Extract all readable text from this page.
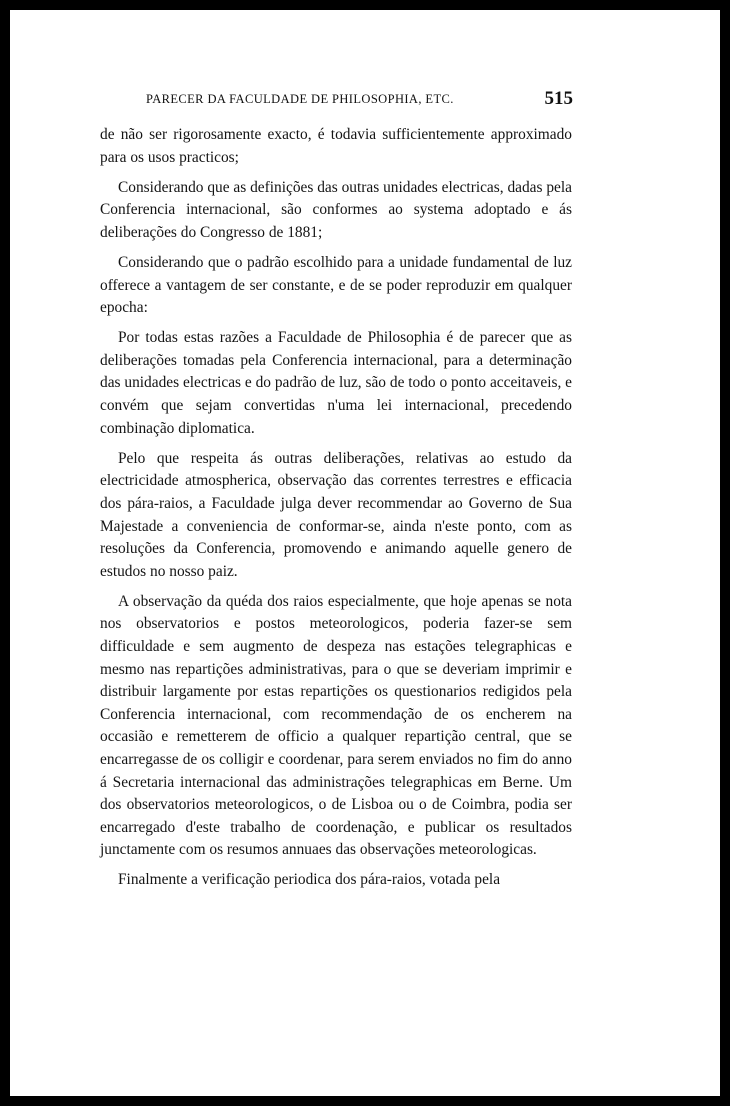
PARECER DA FACULDADE DE PHILOSOPHIA, ETC.	515

de não ser rigorosamente exacto, é todavia sufficientemente approximado para os usos practicos;

Considerando que as definições das outras unidades electricas, dadas pela Conferencia internacional, são conformes ao systema adoptado e ás deliberações do Congresso de 1881;

Considerando que o padrão escolhido para a unidade fundamental de luz offerece a vantagem de ser constante, e de se poder reproduzir em qualquer epocha:

Por todas estas razões a Faculdade de Philosophia é de parecer que as deliberações tomadas pela Conferencia internacional, para a determinação das unidades electricas e do padrão de luz, são de todo o ponto acceitaveis, e convém que sejam convertidas n'uma lei internacional, precedendo combinação diplomatica.

Pelo que respeita ás outras deliberações, relativas ao estudo da electricidade atmospherica, observação das correntes terrestres e efficacia dos pára-raios, a Faculdade julga dever recommendar ao Governo de Sua Majestade a conveniencia de conformar-se, ainda n'este ponto, com as resoluções da Conferencia, promovendo e animando aquelle genero de estudos no nosso paiz.

A observação da quéda dos raios especialmente, que hoje apenas se nota nos observatorios e postos meteorologicos, poderia fazer-se sem difficuldade e sem augmento de despeza nas estações telegraphicas e mesmo nas repartições administrativas, para o que se deveriam imprimir e distribuir largamente por estas repartições os questionarios redigidos pela Conferencia internacional, com recommendação de os encherem na occasião e remetterem de officio a qualquer repartição central, que se encarregasse de os colligir e coordenar, para serem enviados no fim do anno á Secretaria internacional das administrações telegraphicas em Berne. Um dos observatorios meteorologicos, o de Lisboa ou o de Coimbra, podia ser encarregado d'este trabalho de coordenação, e publicar os resultados junctamente com os resumos annuaes das observações meteorologicas.

Finalmente a verificação periodica dos pára-raios, votada pela
